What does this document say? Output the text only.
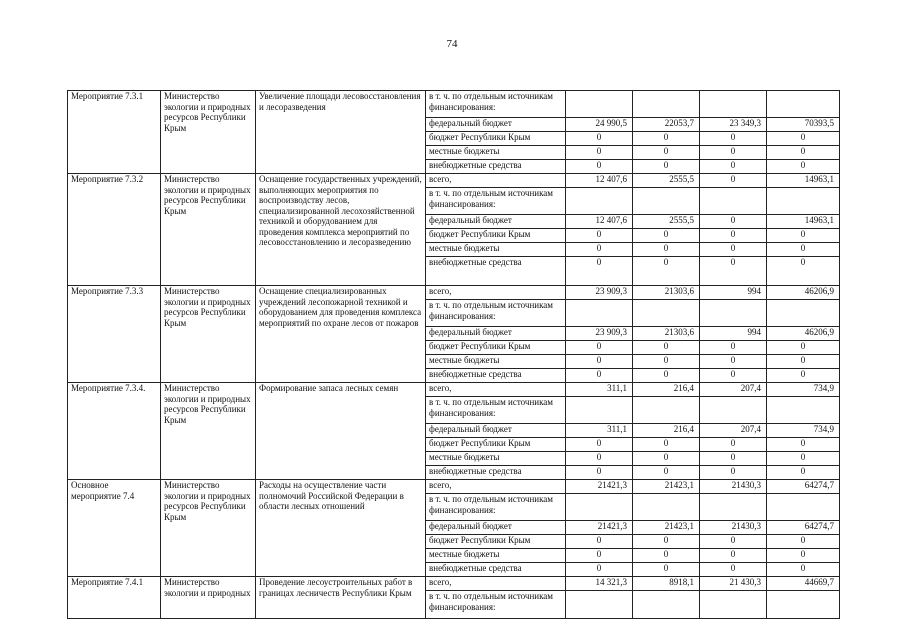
74
Мероприятие 7.3.1	Министерство экологии и природных ресурсов Республики Крым	Увеличение площади лесовосстановления и лесоразведения	в т. ч. по отдельным источникам финансирования:				
			федеральный бюджет	24 990,5	22053,7	23 349,3	70393,5
			бюджет Республики Крым	0	0	0	0
			местные бюджеты	0	0	0	0
			внебюджетные средства	0	0	0	0
Мероприятие 7.3.2	Министерство экологии и природных ресурсов Республики Крым	Оснащение государственных учреждений, выполняющих мероприятия по воспроизводству лесов, специализированной лесохозяйственной техникой и оборудованием для проведения комплекса мероприятий по лесовосстановлению и лесоразведению	всего,	12 407,6	2555,5	0	14963,1
			в т. ч. по отдельным источникам финансирования:				
			федеральный бюджет	12 407,6	2555,5	0	14963,1
			бюджет Республики Крым	0	0	0	0
			местные бюджеты	0	0	0	0
			внебюджетные средства	0	0	0	0
Мероприятие 7.3.3	Министерство экологии и природных ресурсов Республики Крым	Оснащение специализированных учреждений лесопожарной техникой и оборудованием для проведения комплекса мероприятий по охране лесов от пожаров	всего,	23 909,3	21303,6	994	46206,9
			в т. ч. по отдельным источникам финансирования:				
			федеральный бюджет	23 909,3	21303,6	994	46206,9
			бюджет Республики Крым	0	0	0	0
			местные бюджеты	0	0	0	0
			внебюджетные средства	0	0	0	0
Мероприятие 7.3.4.	Министерство экологии и природных ресурсов Республики Крым	Формирование запаса лесных семян	всего,	311,1	216,4	207,4	734,9
			в т. ч. по отдельным источникам финансирования:				
			федеральный бюджет	311,1	216,4	207,4	734,9
			бюджет Республики Крым	0	0	0	0
			местные бюджеты	0	0	0	0
			внебюджетные средства	0	0	0	0
Основное мероприятие 7.4	Министерство экологии и природных ресурсов Республики Крым	Расходы на осуществление части полномочий Российской Федерации в области лесных отношений	всего,	21421,3	21423,1	21430,3	64274,7
			в т. ч. по отдельным источникам финансирования:				
			федеральный бюджет	21421,3	21423,1	21430,3	64274,7
			бюджет Республики Крым	0	0	0	0
			местные бюджеты	0	0	0	0
			внебюджетные средства	0	0	0	0
Мероприятие 7.4.1	Министерство экологии и природных	Проведение лесоустроительных работ в границах лесничеств Республики Крым	всего,	14 321,3	8918,1	21 430,3	44669,7
			в т. ч. по отдельным источникам финансирования:				
